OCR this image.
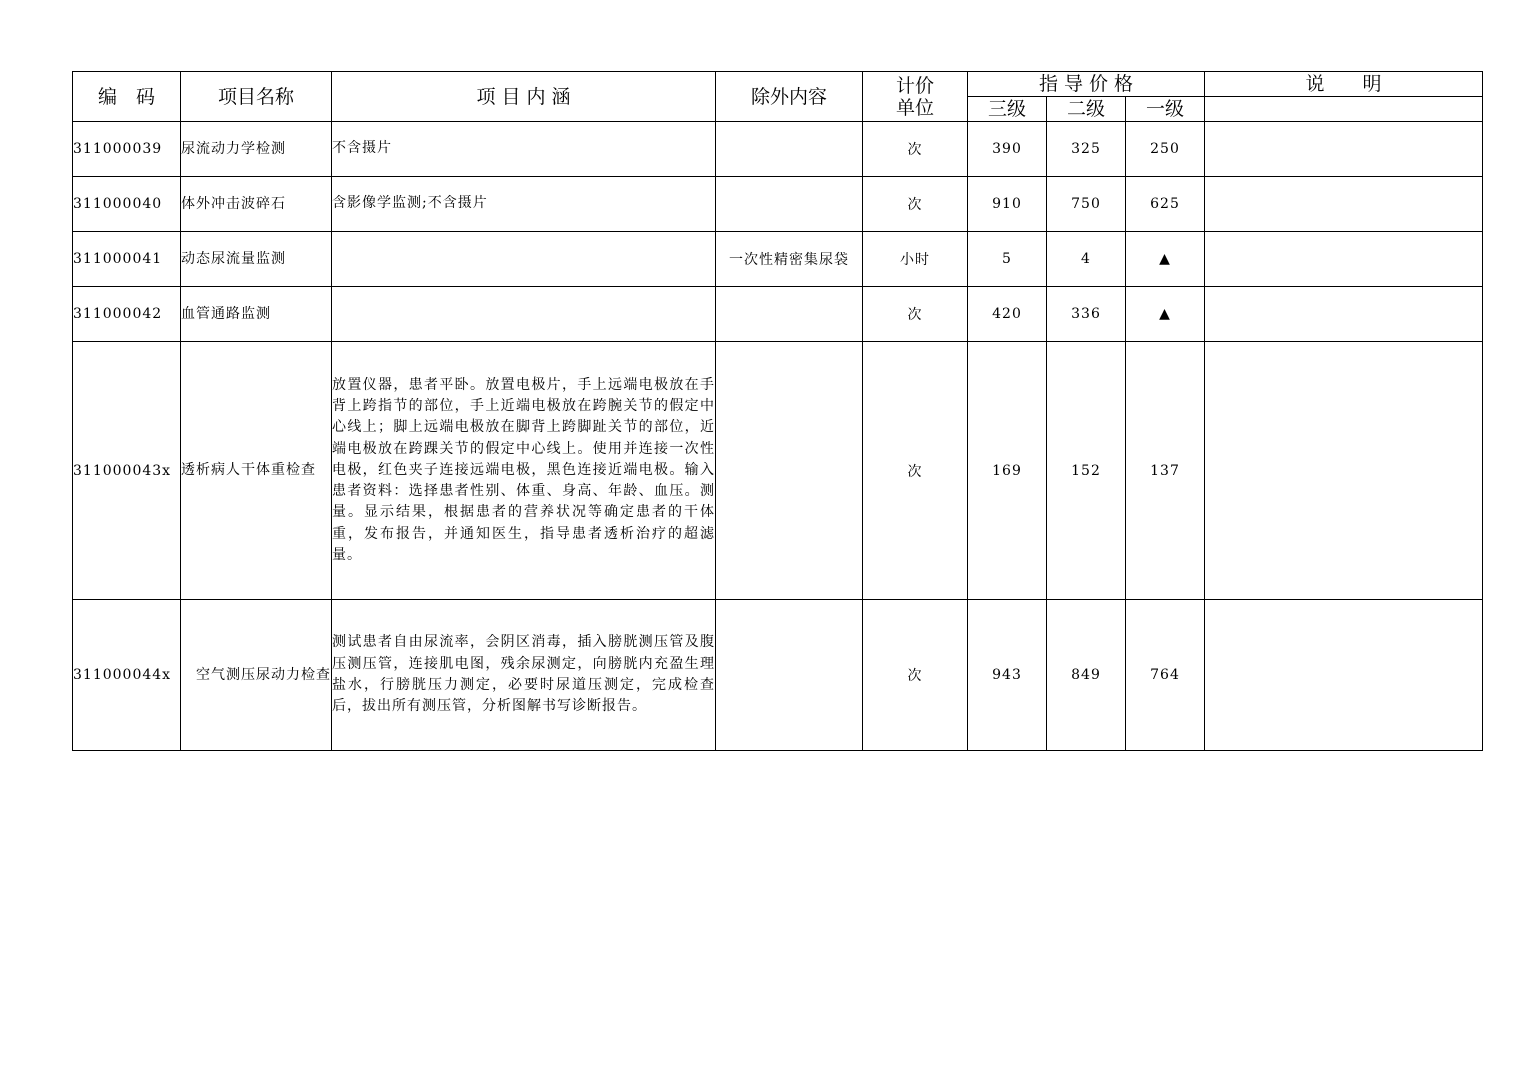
编　码	项目名称	项 目 内 涵	除外内容	计价单位	指 导 价 格			说　　明
					三级	二级	一级	
311000039	尿流动力学检测	不含摄片		次	390	325	250	
311000040	体外冲击波碎石	含影像学监测;不含摄片		次	910	750	625	
311000041	动态尿流量监测		一次性精密集尿袋	小时	5	4	▲	
311000042	血管通路监测			次	420	336	▲	
311000043x	透析病人干体重检查	放置仪器，患者平卧。放置电极片，手上远端电极放在手背上跨指节的部位，手上近端电极放在跨腕关节的假定中心线上；脚上远端电极放在脚背上跨脚趾关节的部位，近端电极放在跨踝关节的假定中心线上。使用并连接一次性电极，红色夹子连接远端电极，黑色连接近端电极。输入患者资料：选择患者性别、体重、身高、年龄、血压。测量。显示结果，根据患者的营养状况等确定患者的干体重，发布报告，并通知医生，指导患者透析治疗的超滤量。		次	169	152	137	
311000044x	　空气测压尿动力检查	测试患者自由尿流率，会阴区消毒，插入膀胱测压管及腹压测压管，连接肌电图，残余尿测定，向膀胱内充盈生理盐水，行膀胱压力测定，必要时尿道压测定，完成检查后，拔出所有测压管，分析图解书写诊断报告。		次	943	849	764	
